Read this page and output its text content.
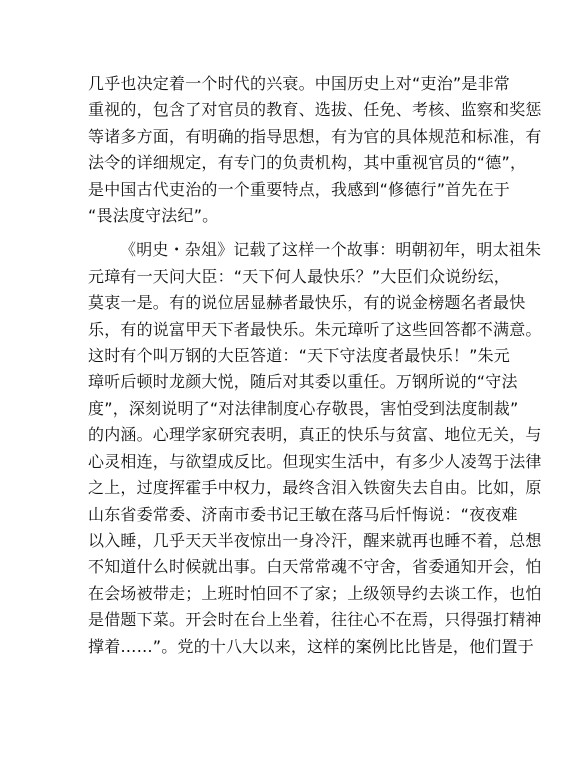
几乎也决定着一个时代的兴衰。中国历史上对“吏治”是非常
重视的，包含了对官员的教育、选拔、任免、考核、监察和奖惩
等诸多方面，有明确的指导思想，有为官的具体规范和标准，有
法令的详细规定，有专门的负责机构，其中重视官员的“德”，
是中国古代吏治的一个重要特点，我感到“修德行”首先在于
“畏法度守法纪”。

《明史・杂俎》记载了这样一个故事：明朝初年，明太祖朱
元璋有一天问大臣：“天下何人最快乐？”大臣们众说纷纭，
莫衷一是。有的说位居显赫者最快乐，有的说金榜题名者最快
乐，有的说富甲天下者最快乐。朱元璋听了这些回答都不满意。
这时有个叫万钢的大臣答道：“天下守法度者最快乐！”朱元
璋听后顿时龙颜大悦，随后对其委以重任。万钢所说的“守法
度”，深刻说明了“对法律制度心存敬畏，害怕受到法度制裁”
的内涵。心理学家研究表明，真正的快乐与贫富、地位无关，与
心灵相连，与欲望成反比。但现实生活中，有多少人凌驾于法律
之上，过度挥霍手中权力，最终含泪入铁窗失去自由。比如，原
山东省委常委、济南市委书记王敏在落马后忏悔说：“夜夜难
以入睡，几乎天天半夜惊出一身冷汗，醒来就再也睡不着，总想
不知道什么时候就出事。白天常常魂不守舍，省委通知开会，怕
在会场被带走；上班时怕回不了家；上级领导约去谈工作，也怕
是借题下菜。开会时在台上坐着，往往心不在焉，只得强打精神
撑着……”。党的十八大以来，这样的案例比比皆是，他们置于
